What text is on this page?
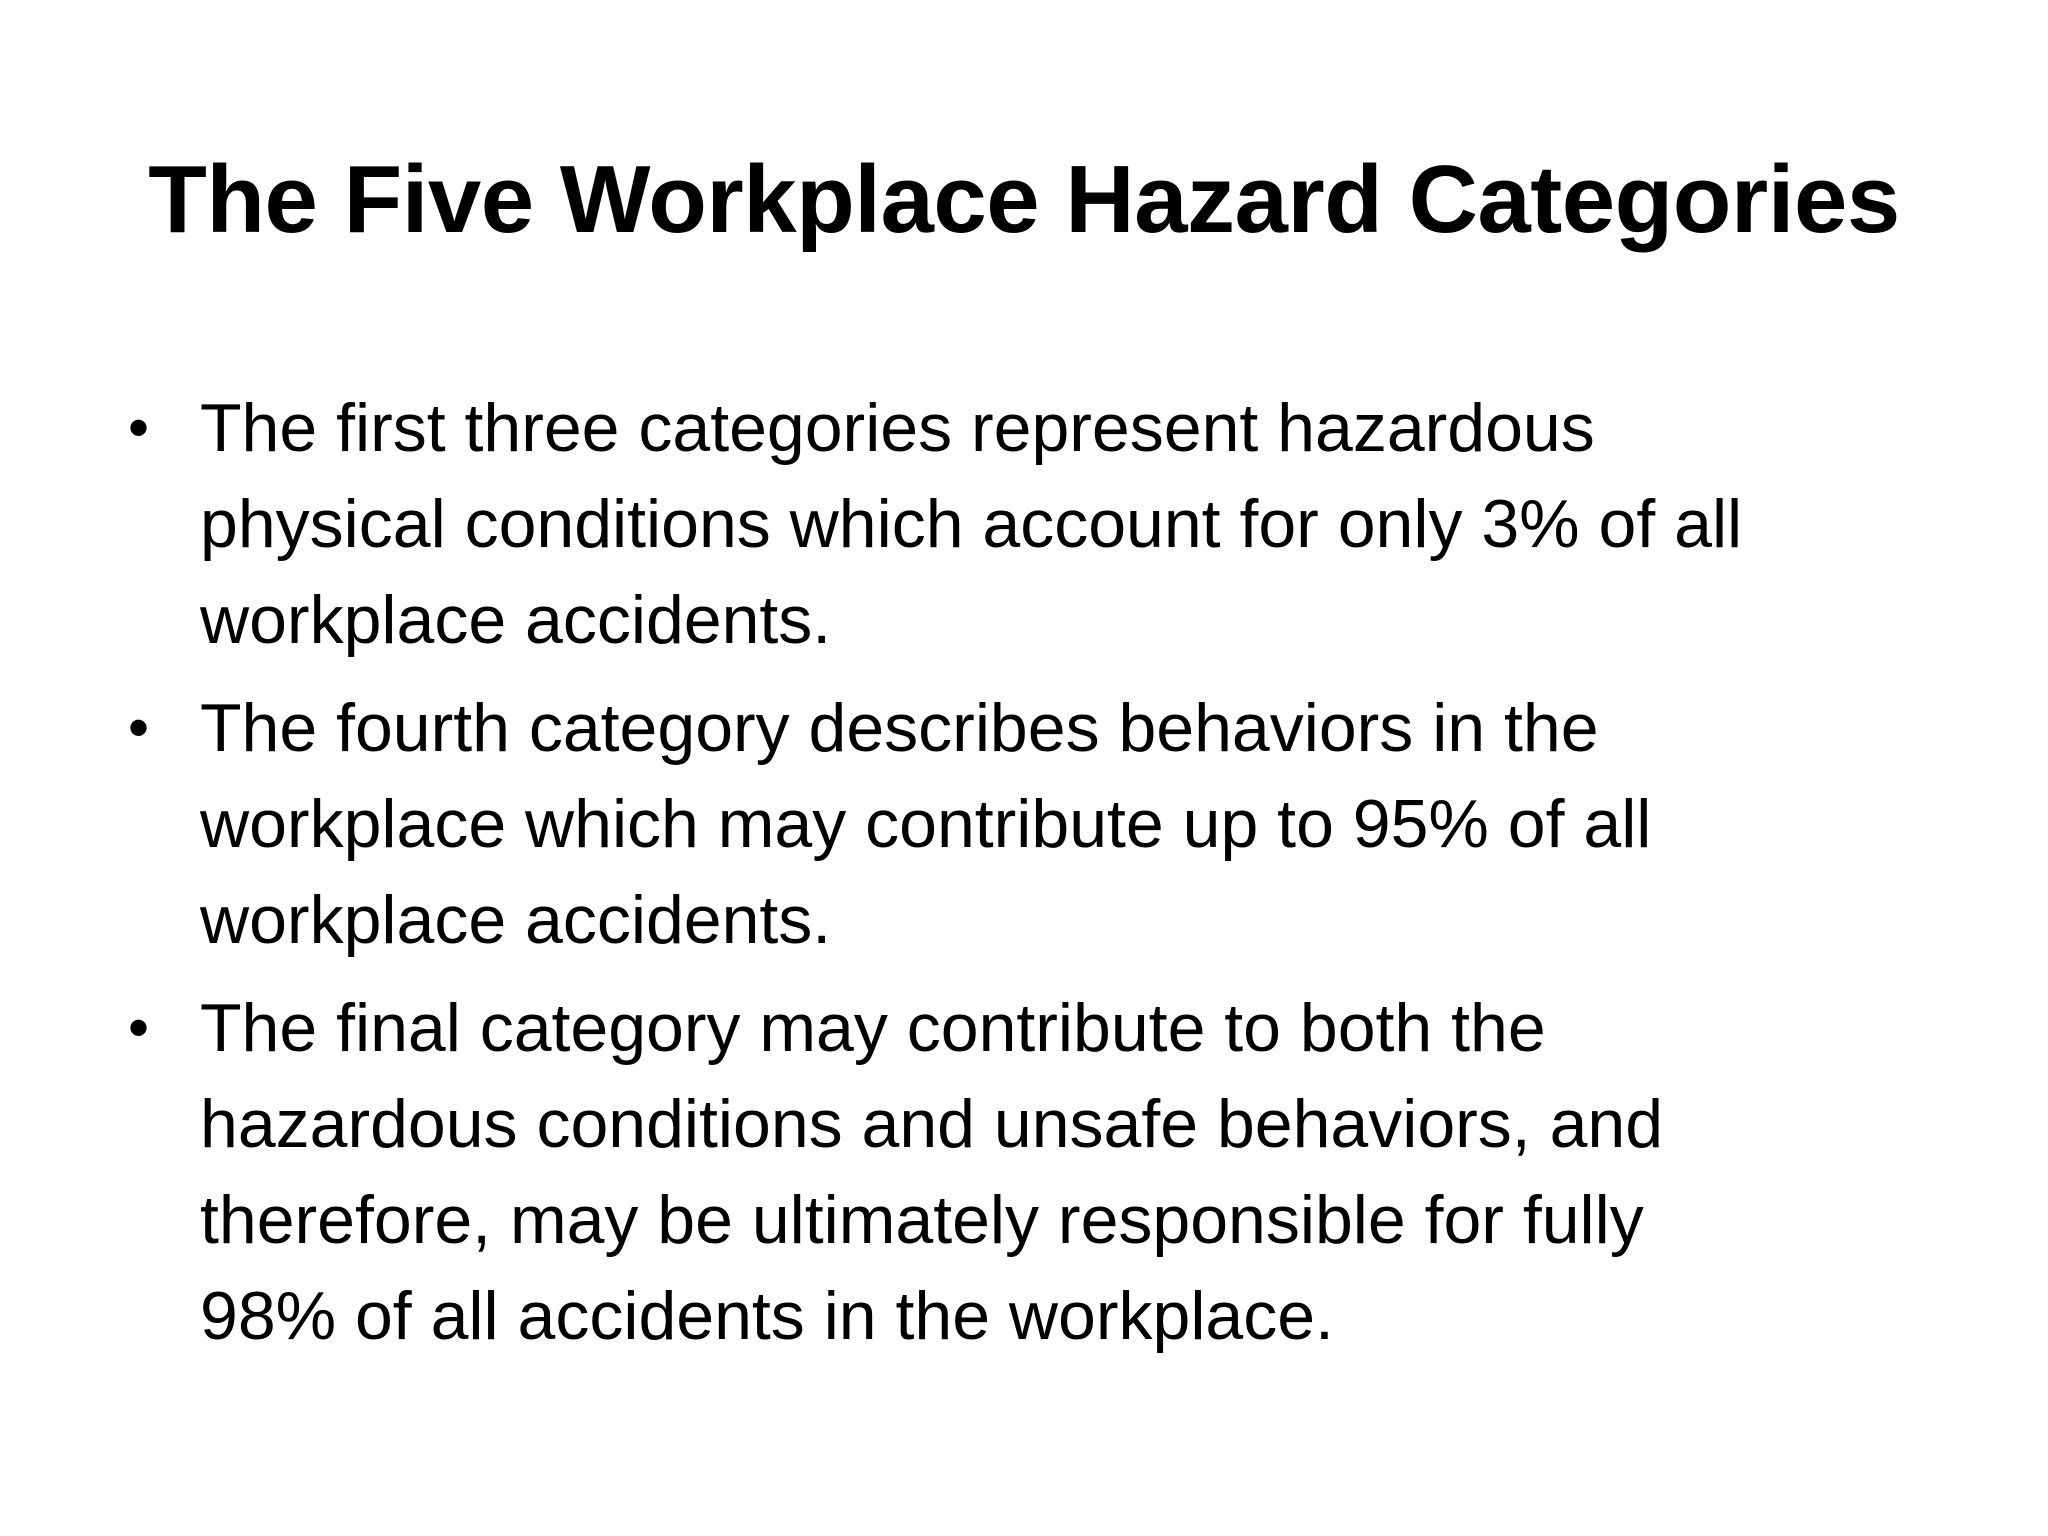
The Five Workplace Hazard Categories
• The first three categories represent hazardous
physical conditions which account for only 3% of all
workplace accidents.
• The fourth category describes behaviors in the
workplace which may contribute up to 95% of all
workplace accidents.
• The final category may contribute to both the
hazardous conditions and unsafe behaviors, and
therefore, may be ultimately responsible for fully
98% of all accidents in the workplace.
